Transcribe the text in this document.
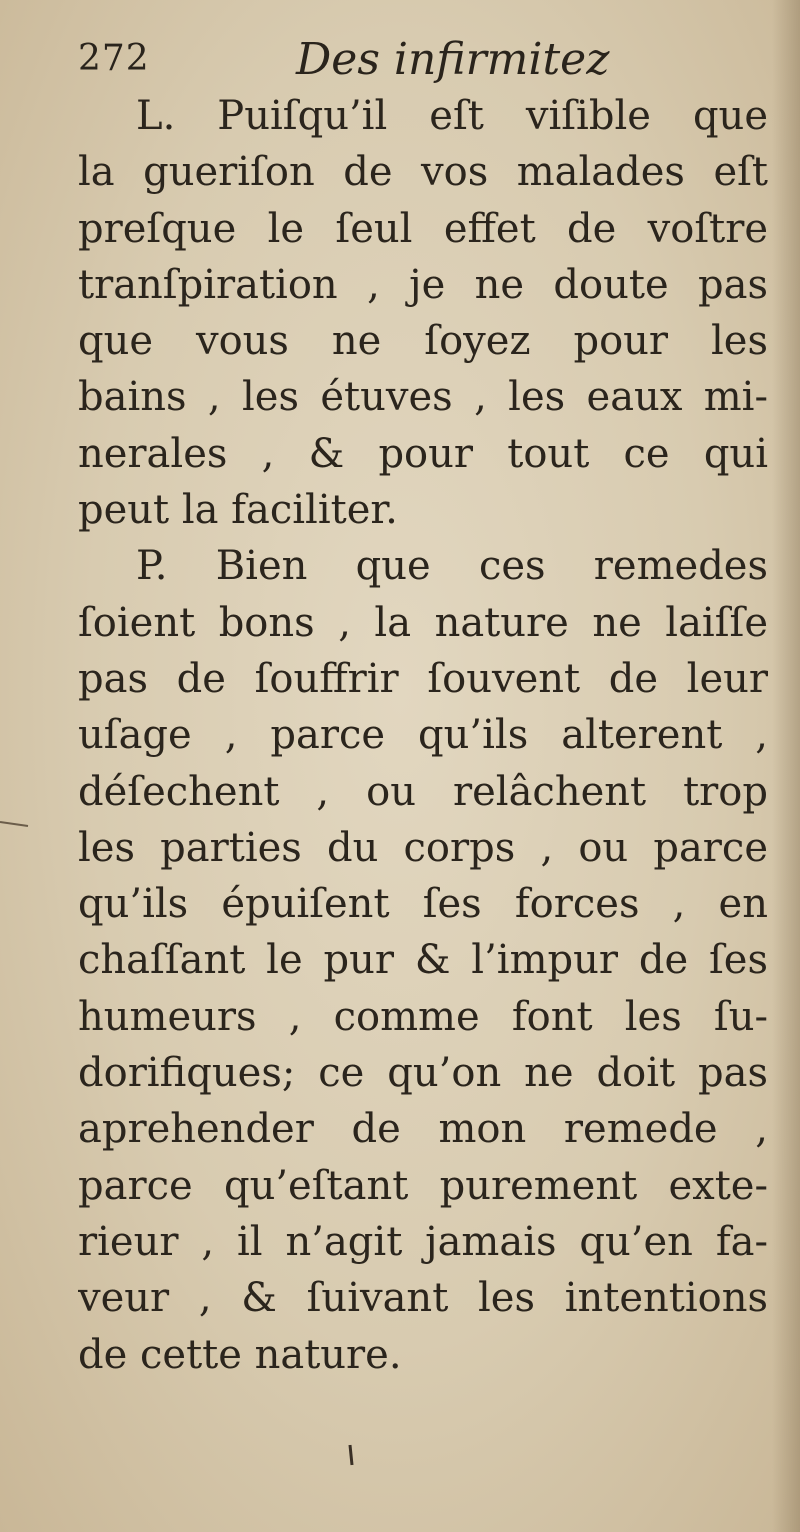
272	Des infirmitez
L. Puiſqu’il eſt viſible que
la gueriſon de vos malades eſt
preſque le ſeul effet de voſtre
tranſpiration , je ne doute pas
que vous ne ſoyez pour les
bains , les étuves , les eaux mi-
nerales , & pour tout ce qui
peut la faciliter.
P. Bien que ces remedes
ſoient bons , la nature ne laiſſe
pas de ſouffrir ſouvent de leur
uſage , parce qu’ils alterent ,
déſechent , ou relâchent trop
les parties du corps , ou parce
qu’ils épuiſent ſes forces , en
chaſſant le pur & l’impur de ſes
humeurs , comme font les ſu-
dorifiques; ce qu’on ne doit pas
aprehender de mon remede ,
parce qu’eſtant purement exte-
rieur , il n’agit jamais qu’en fa-
veur , & ſuivant les intentions
de cette nature.
